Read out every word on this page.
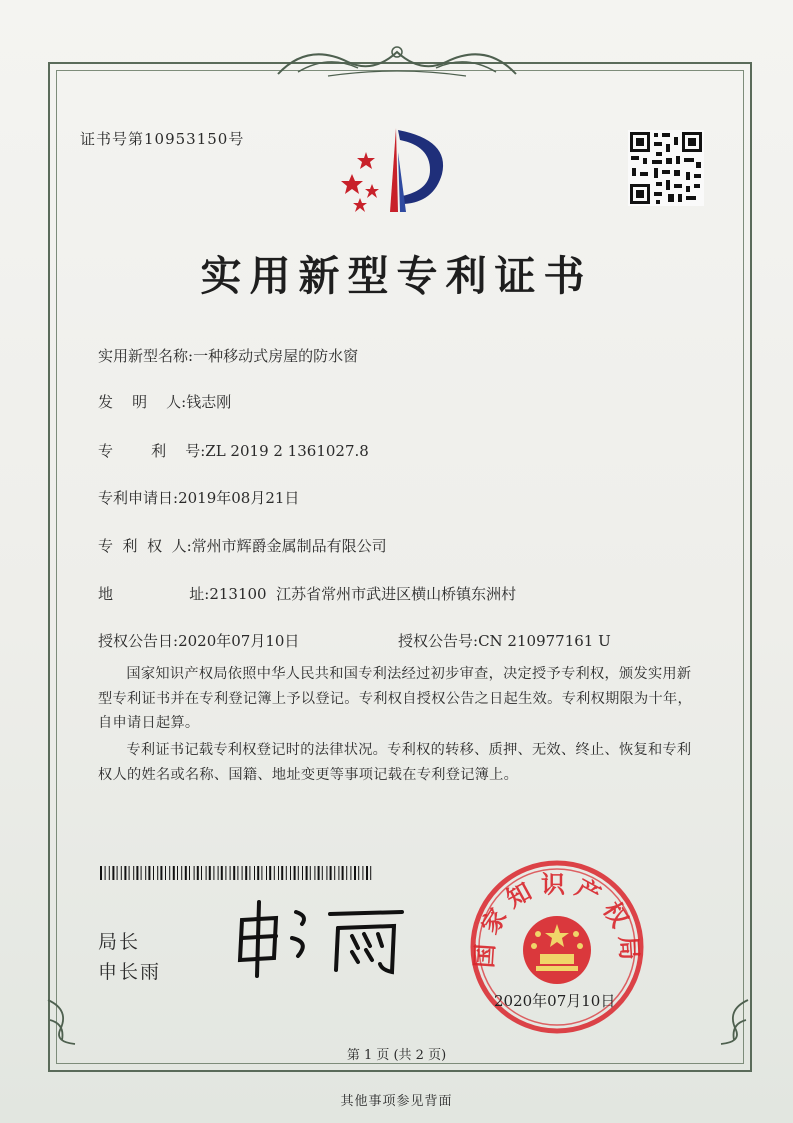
证书号第10953150号
实用新型专利证书
实用新型名称:一种移动式房屋的防水窗
发    明    人:钱志刚
专        利    号:ZL 2019 2 1361027.8
专利申请日:2019年08月21日
专  利  权  人:常州市辉爵金属制品有限公司
地                址:213100  江苏省常州市武进区横山桥镇东洲村
授权公告日:2020年07月10日	授权公告号:CN 210977161 U
国家知识产权局依照中华人民共和国专利法经过初步审查，决定授予专利权，颁发实用新型专利证书并在专利登记簿上予以登记。专利权自授权公告之日起生效。专利权期限为十年，自申请日起算。
专利证书记载专利权登记时的法律状况。专利权的转移、质押、无效、终止、恢复和专利权人的姓名或名称、国籍、地址变更等事项记载在专利登记簿上。
局长
申长雨
国家知识产权局
2020年07月10日
第 1 页 (共 2 页)
其他事项参见背面
